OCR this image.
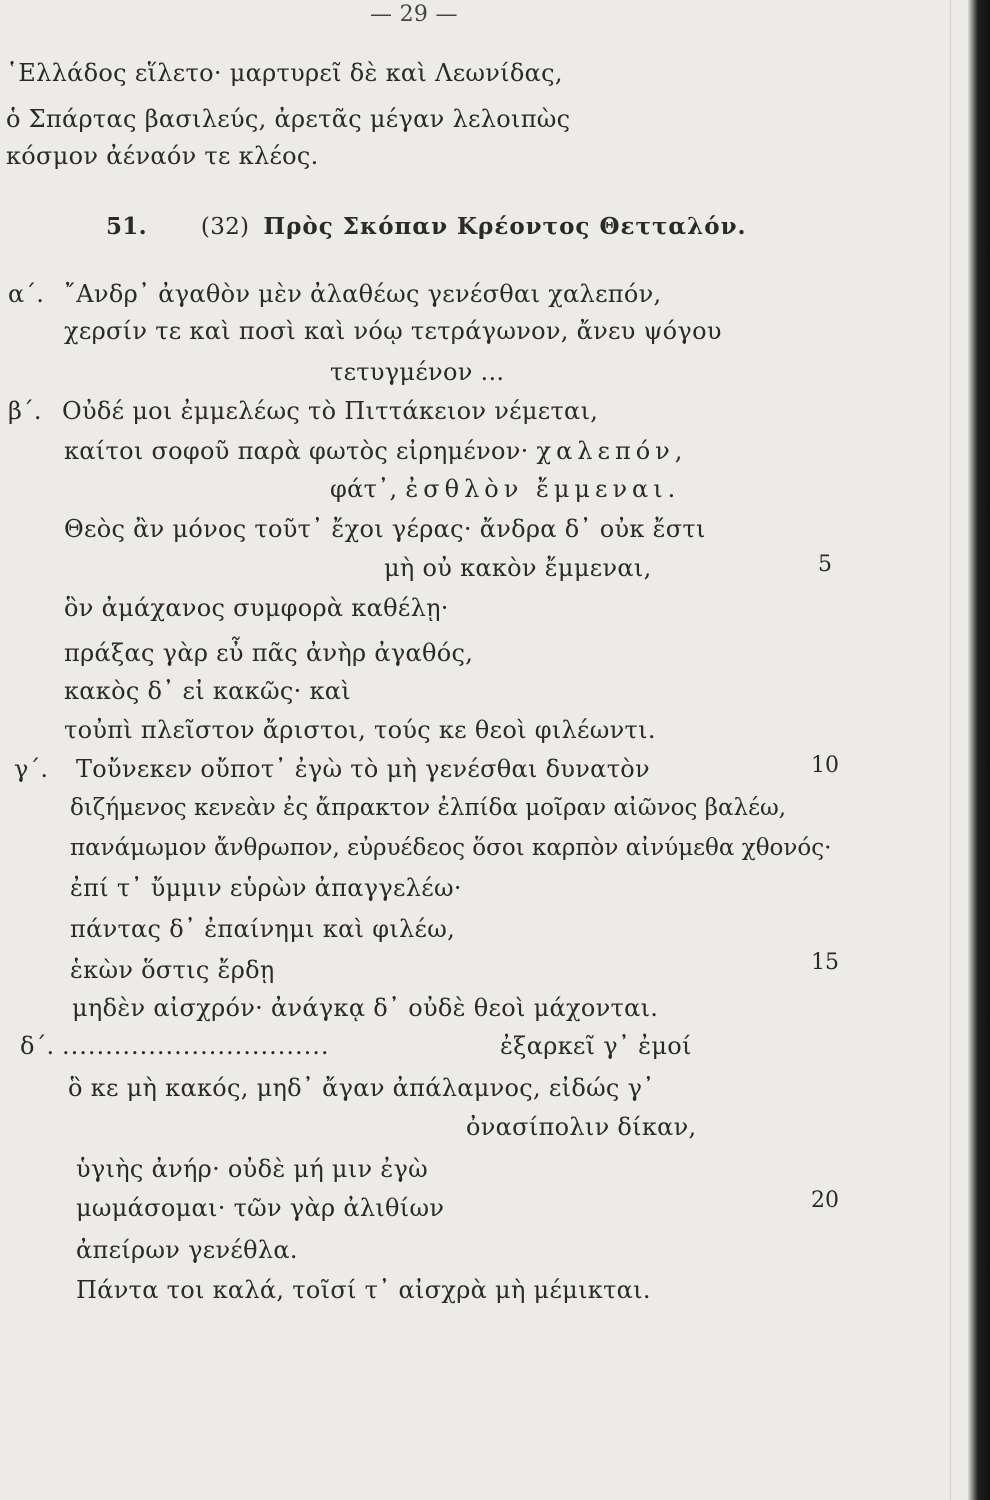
— 29 —
῾Ελλάδος εἵλετο· μαρτυρεῖ δὲ καὶ Λεωνίδας,
ὁ Σπάρτας βασιλεύς, ἀρετᾶς μέγαν λελοιπὼς
κόσμον ἀέναόν τε κλέος.
51. (32) Πρὸς Σκόπαν Κρέοντος Θετταλόν.
α΄. ῎Ανδρ᾽ ἀγαθὸν μὲν ἀλαθέως γενέσθαι χαλεπόν,
χερσίν τε καὶ ποσὶ καὶ νόῳ τετράγωνον, ἄνευ ψόγου
τετυγμένον ...
β΄. Οὐδέ μοι ἐμμελέως τὸ Πιττάκειον νέμεται,
καίτοι σοφοῦ παρὰ φωτὸς εἰρημένον· χαλεπόν,
φάτ᾽, ἐσθλὸν ἔμμεναι.
Θεὸς ἂν μόνος τοῦτ᾽ ἔχοι γέρας· ἄνδρα δ᾽ οὐκ ἔστι
μὴ οὐ κακὸν ἔμμεναι,	5
ὃν ἀμάχανος συμφορὰ καθέλῃ·
πράξας γὰρ εὖ πᾶς ἀνὴρ ἀγαθός,
κακὸς δ᾽ εἰ κακῶς· καὶ
τοὐπὶ πλεῖστον ἄριστοι, τούς κε θεοὶ φιλέωντι.
γ΄. Τοὔνεκεν οὔποτ᾽ ἐγὼ τὸ μὴ γενέσθαι δυνατὸν	10
διζήμενος κενεὰν ἐς ἄπρακτον ἐλπίδα μοῖραν αἰῶνος βαλέω,
πανάμωμον ἄνθρωπον, εὐρυέδεος ὅσοι καρπὸν αἰνύμεθα χθονός·
ἐπί τ᾽ ὔμμιν εὑρὼν ἀπαγγελέω·
πάντας δ᾽ ἐπαίνημι καὶ φιλέω,
ἑκὼν ὅστις ἔρδῃ	15
μηδὲν αἰσχρόν· ἀνάγκᾳ δ᾽ οὐδὲ θεοὶ μάχονται.
δ΄. ...............................	ἐξαρκεῖ γ᾽ ἐμοί
ὃ κε μὴ κακός, μηδ᾽ ἄγαν ἀπάλαμνος, εἰδώς γ᾽
ὀνασίπολιν δίκαν,
ὑγιὴς ἀνήρ· οὐδὲ μή μιν ἐγὼ
μωμάσομαι· τῶν γὰρ ἀλιθίων	20
ἀπείρων γενέθλα.
Πάντα τοι καλά, τοῖσί τ᾽ αἰσχρὰ μὴ μέμικται.
